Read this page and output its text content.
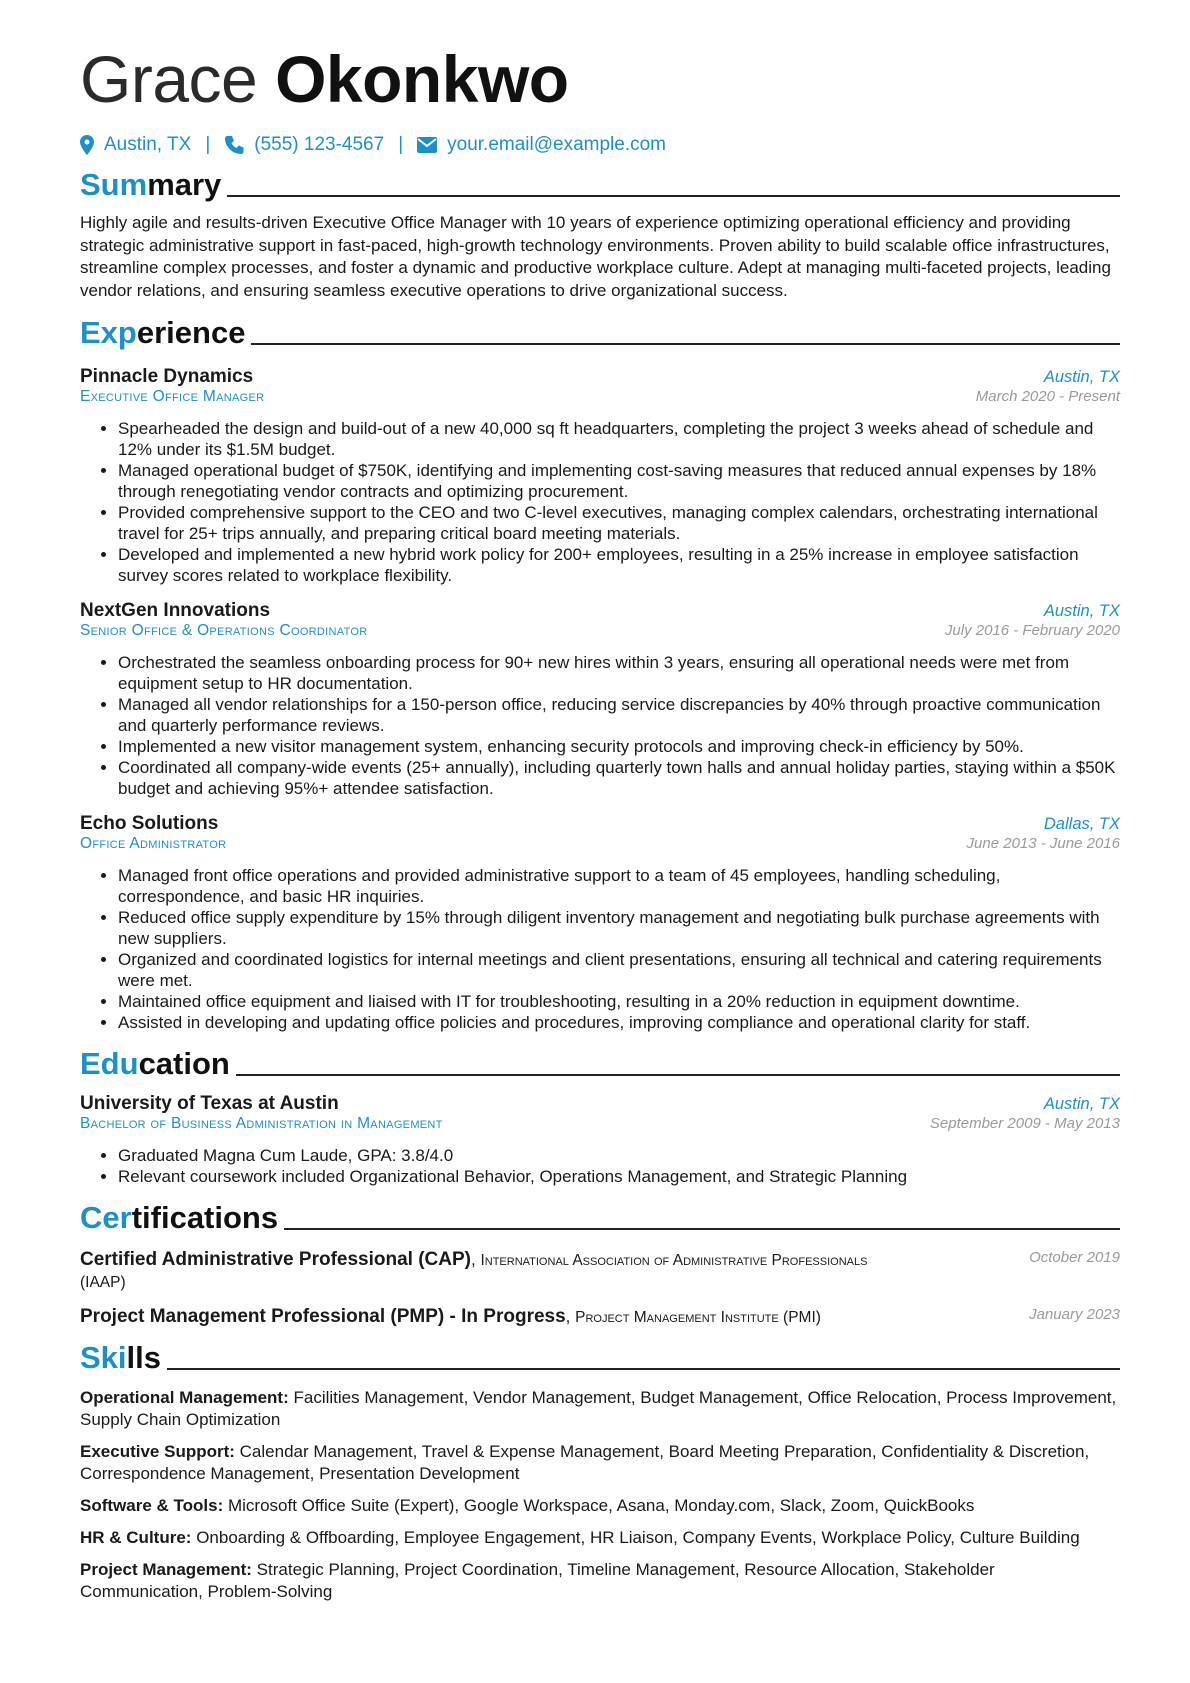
Grace Okonkwo
Austin, TX | (555) 123-4567 | your.email@example.com
Summary

Highly agile and results-driven Executive Office Manager with 10 years of experience optimizing operational efficiency and providing strategic administrative support in fast-paced, high-growth technology environments. Proven ability to build scalable office infrastructures, streamline complex processes, and foster a dynamic and productive workplace culture. Adept at managing multi-faceted projects, leading vendor relations, and ensuring seamless executive operations to drive organizational success.

Experience
Pinnacle Dynamics	Austin, TX
Executive Office Manager	March 2020 - Present
• Spearheaded the design and build-out of a new 40,000 sq ft headquarters, completing the project 3 weeks ahead of schedule and 12% under its $1.5M budget.
• Managed operational budget of $750K, identifying and implementing cost-saving measures that reduced annual expenses by 18% through renegotiating vendor contracts and optimizing procurement.
• Provided comprehensive support to the CEO and two C-level executives, managing complex calendars, orchestrating international travel for 25+ trips annually, and preparing critical board meeting materials.
• Developed and implemented a new hybrid work policy for 200+ employees, resulting in a 25% increase in employee satisfaction survey scores related to workplace flexibility.
NextGen Innovations	Austin, TX
Senior Office & Operations Coordinator	July 2016 - February 2020
• Orchestrated the seamless onboarding process for 90+ new hires within 3 years, ensuring all operational needs were met from equipment setup to HR documentation.
• Managed all vendor relationships for a 150-person office, reducing service discrepancies by 40% through proactive communication and quarterly performance reviews.
• Implemented a new visitor management system, enhancing security protocols and improving check-in efficiency by 50%.
• Coordinated all company-wide events (25+ annually), including quarterly town halls and annual holiday parties, staying within a $50K budget and achieving 95%+ attendee satisfaction.
Echo Solutions	Dallas, TX
Office Administrator	June 2013 - June 2016
• Managed front office operations and provided administrative support to a team of 45 employees, handling scheduling, correspondence, and basic HR inquiries.
• Reduced office supply expenditure by 15% through diligent inventory management and negotiating bulk purchase agreements with new suppliers.
• Organized and coordinated logistics for internal meetings and client presentations, ensuring all technical and catering requirements were met.
• Maintained office equipment and liaised with IT for troubleshooting, resulting in a 20% reduction in equipment downtime.
• Assisted in developing and updating office policies and procedures, improving compliance and operational clarity for staff.
Education
University of Texas at Austin	Austin, TX
Bachelor of Business Administration in Management	September 2009 - May 2013
• Graduated Magna Cum Laude, GPA: 3.8/4.0
• Relevant coursework included Organizational Behavior, Operations Management, and Strategic Planning
Certifications
Certified Administrative Professional (CAP), International Association of Administrative Professionals (IAAP)
October 2019
Project Management Professional (PMP) - In Progress, Project Management Institute (PMI)	January 2023
Skills
Operational Management: Facilities Management, Vendor Management, Budget Management, Office Relocation, Process Improvement, Supply Chain Optimization
Executive Support: Calendar Management, Travel & Expense Management, Board Meeting Preparation, Confidentiality & Discretion, Correspondence Management, Presentation Development
Software & Tools: Microsoft Office Suite (Expert), Google Workspace, Asana, Monday.com, Slack, Zoom, QuickBooks
HR & Culture: Onboarding & Offboarding, Employee Engagement, HR Liaison, Company Events, Workplace Policy, Culture Building
Project Management: Strategic Planning, Project Coordination, Timeline Management, Resource Allocation, Stakeholder Communication, Problem-Solving
